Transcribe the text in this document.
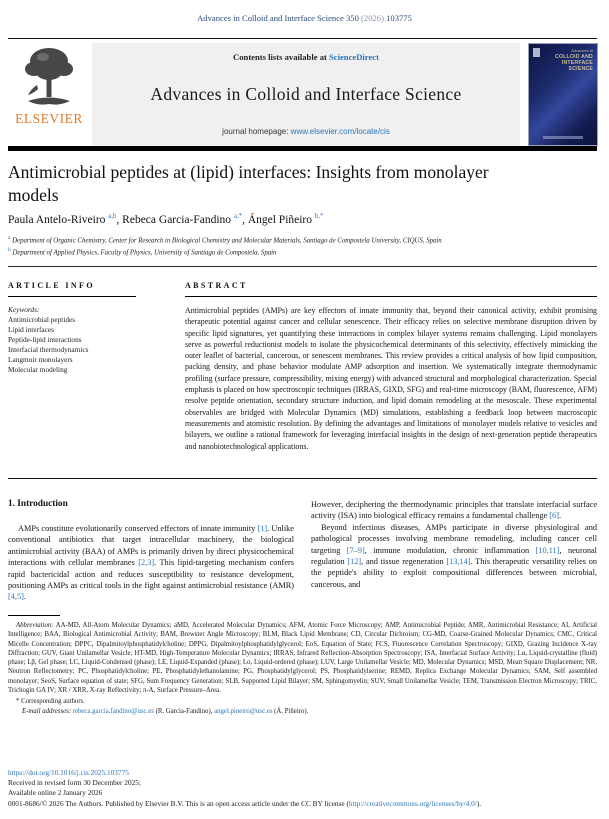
Advances in Colloid and Interface Science 350 (2026) 103775
ELSEVIER
Contents lists available at ScienceDirect
Advances in Colloid and Interface Science
journal homepage: www.elsevier.com/locate/cis
Advances in
COLLOID AND INTERFACE SCIENCE
Antimicrobial peptides at (lipid) interfaces: Insights from monolayer models
Paula Antelo-Riveiro $^{a,b}$, Rebeca Garcia-Fandino $^{a,*}$, Ángel Piñeiro $^{b,*}$
$^a$ Department of Organic Chemistry, Center for Research in Biological Chemistry and Molecular Materials, Santiago de Compostela University, CIQUS, Spain
$^b$ Department of Applied Physics, Faculty of Physics, University of Santiago de Compostela, Spain
ARTICLE INFO
Keywords:
Antimicrobial peptides
Lipid interfaces
Peptide-lipid interactions
Interfacial thermodynamics
Langmuir monolayers
Molecular modeling
ABSTRACT
Antimicrobial peptides (AMPs) are key effectors of innate immunity that, beyond their canonical activity, exhibit promising therapeutic potential against cancer and cellular senescence. Their efficacy relies on selective membrane disruption driven by specific lipid signatures, yet quantifying these interactions in complex bilayer systems remains challenging. Lipid monolayers serve as powerful reductionist models to isolate the physicochemical determinants of this selectivity, effectively mimicking the outer leaflet of bacterial, cancerous, or senescent membranes. This review provides a critical analysis of how lipid composition, packing density, and phase behavior modulate AMP adsorption and insertion. We systematically integrate thermodynamic profiling (surface pressure, compressibility, mixing energy) with advanced structural and morphological characterization. Special emphasis is placed on how spectroscopic techniques (IRRAS, GIXD, SFG) and real-time microscopy (BAM, fluorescence, AFM) resolve peptide orientation, secondary structure induction, and lipid domain remodeling at the mesoscale. These experimental observables are bridged with Molecular Dynamics (MD) simulations, establishing a feedback loop between macroscopic measurements and atomistic resolution. By defining the advantages and limitations of monolayer models relative to vesicles and bilayers, we outline a rational framework for leveraging interfacial insights in the design of next-generation peptide therapeutics and nanobiotechnological applications.
1. Introduction

AMPs constitute evolutionarily conserved effectors of innate immunity [1]. Unlike conventional antibiotics that target intracellular machinery, the biological antimicrobial activity (BAA) of AMPs is primarily driven by direct physicochemical interactions with cellular membranes [2,3]. This lipid-targeting mechanism confers rapid bactericidal action and reduces susceptibility to resistance development, positioning AMPs as critical tools in the fight against antimicrobial resistance (AMR) [4,5].

However, deciphering the thermodynamic principles that translate interfacial surface activity (ISA) into biological efficacy remains a fundamental challenge [6].

Beyond infectious diseases, AMPs participate in diverse physiological and pathological processes involving membrane remodeling, including cancer cell targeting [7–9], immune modulation, chronic inflammation [10,11], neuronal regulation [12], and tissue regeneration [13,14]. This therapeutic versatility relies on the peptide's ability to exploit compositional differences between microbial, cancerous, and

Abbreviation: AA-MD, All-Atom Molecular Dynamics; aMD, Accelerated Molecular Dynamics; AFM, Atomic Force Microscopy; AMP, Antimicrobial Peptide; AMR, Antimicrobial Resistance; AI, Artificial Intelligence; BAA, Biological Antimicrobial Activity; BAM, Brewster Angle Microscopy; BLM, Black Lipid Membrane; CD, Circular Dichroism; CG-MD, Coarse-Grained Molecular Dynamics; CMC, Critical Micelle Concentration; DPPC, Dipalmitoylphosphatidylcholine; DPPG, Dipalmitoylphosphatidylglycerol; EoS, Equation of State; FCS, Fluorescence Correlation Spectroscopy; GIXD, Grazing Incidence X-ray Diffraction; GUV, Giant Unilamellar Vesicle; HT-MD, High-Temperature Molecular Dynamics; IRRAS, Infrared Reflection-Absorption Spectroscopy; ISA, Interfacial Surface Activity; Lα, Liquid-crystalline (fluid) phase; Lβ, Gel phase; LC, Liquid-Condensed (phase); LE, Liquid-Expanded (phase); Lo, Liquid-ordered (phase); LUV, Large Unilamellar Vesicle; MD, Molecular Dynamics; MSD, Mean Square Displacement; NR, Neutron Reflectometry; PC, Phosphatidylcholine; PE, Phosphatidylethanolamine; PG, Phosphatidylglycerol; PS, Phosphatidylserine; REMD, Replica Exchange Molecular Dynamics; SAM, Self assembled monolayer; SeoS, Surface equation of state; SFG, Sum Frequency Generation; SLB, Supported Lipid Bilayer; SM, Sphingomyelin; SUV, Small Unilamellar Vesicle; TEM, Transmission Electron Microscopy; TRIC, Trichogin GA IV; XR / XRR, X-ray Reflectivity; π-A, Surface Pressure–Area.
* Corresponding authors.
E-mail addresses: rebeca.garcia.fandino@usc.es (R. Garcia-Fandino), angel.pineiro@usc.es (Á. Piñeiro).
https://doi.org/10.1016/j.cis.2025.103775
Received in revised form 30 December 2025;
Available online 2 January 2026
0001-8686/© 2026 The Authors. Published by Elsevier B.V. This is an open access article under the CC BY license (http://creativecommons.org/licenses/by/4.0/).
